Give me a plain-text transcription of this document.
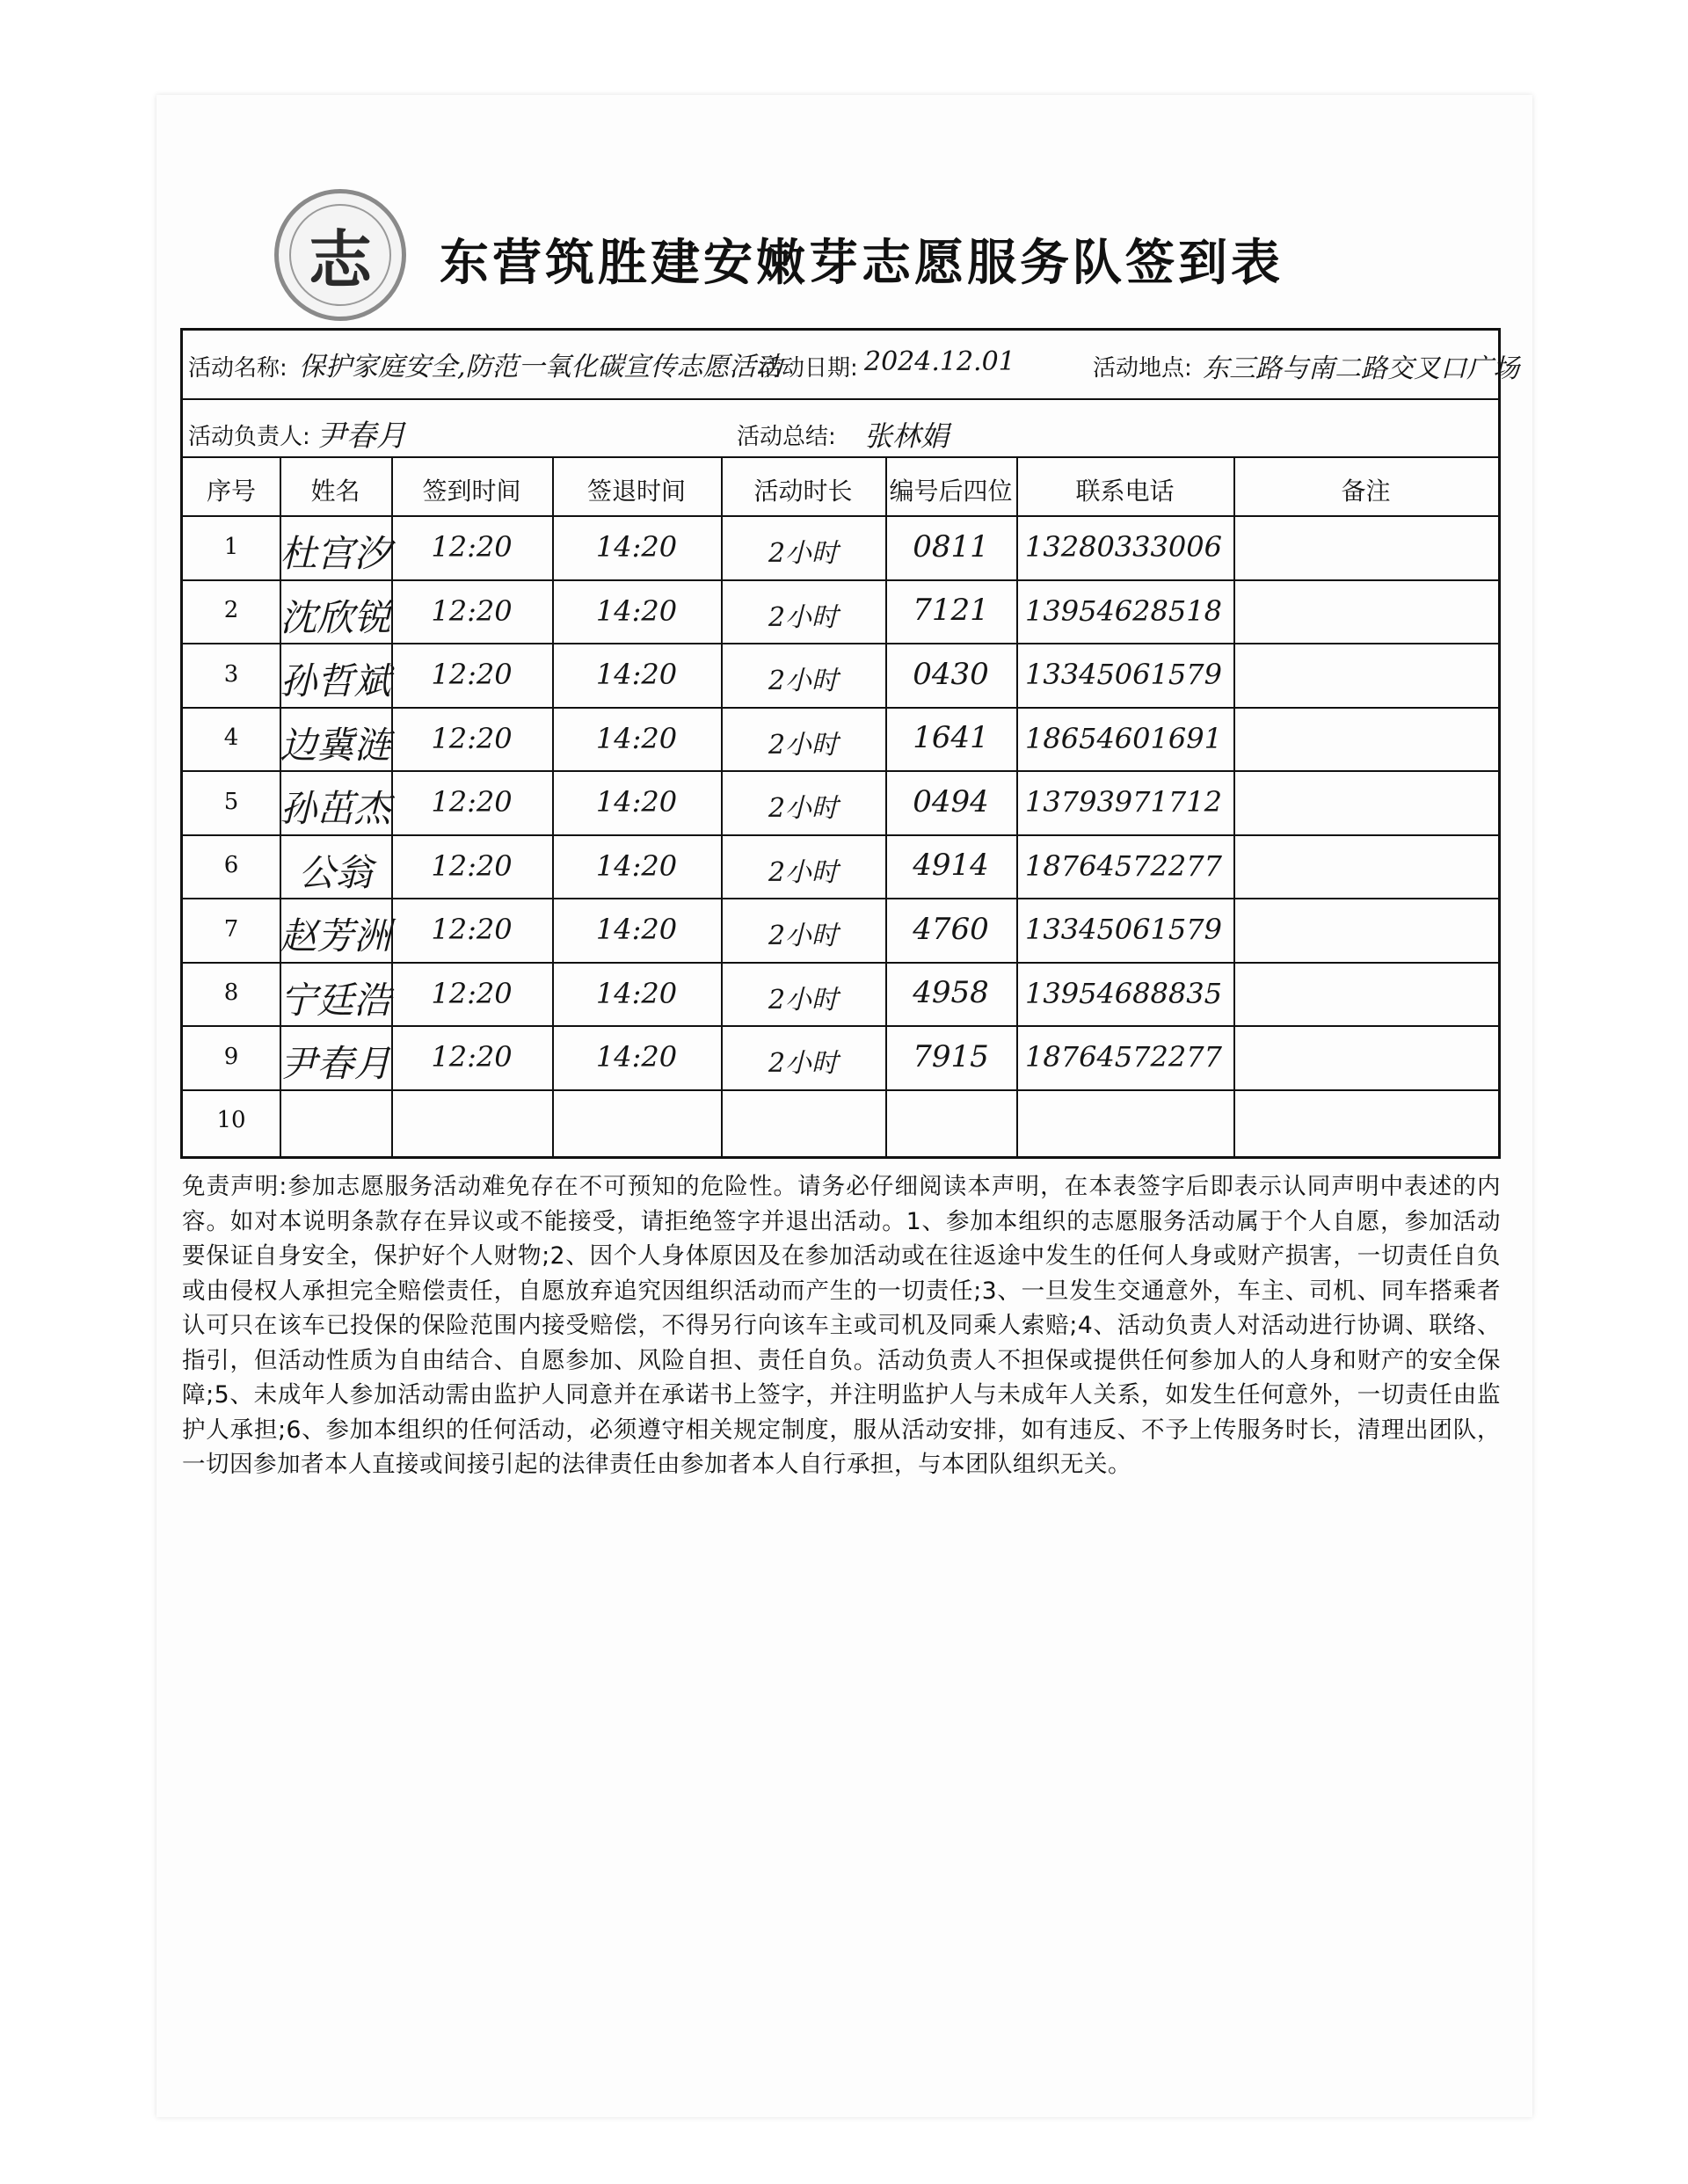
志	东营筑胜建安嫩芽志愿服务队签到表
活动名称: 保护家庭安全,防范一氧化碳宣传志愿活动
活动日期: 2024.12.01	活动地点: 东三路与南二路交叉口广场
活动负责人: 尹春月	活动总结: 张林娟
序号	姓名	签到时间	签退时间	活动时长	编号后四位	联系电话	备注
1	杜宫汐	12:20	14:20	2小时	0811	13280333006
2	沈欣锐	12:20	14:20	2小时	7121	13954628518
3	孙哲斌	12:20	14:20	2小时	0430	13345061579
4	边冀涟	12:20	14:20	2小时	1641	18654601691
5	孙茁杰	12:20	14:20	2小时	0494	13793971712
6	公翁	12:20	14:20	2小时	4914	18764572277
7	赵芳洲	12:20	14:20	2小时	4760	13345061579
8	宁廷浩	12:20	14:20	2小时	4958	13954688835
9	尹春月	12:20	14:20	2小时	7915	18764572277
10
免责声明:参加志愿服务活动难免存在不可预知的危险性。请务必仔细阅读本声明，在本表签字后即表示认同声明中表述的内容。如对本说明条款存在异议或不能接受，请拒绝签字并退出活动。1、参加本组织的志愿服务活动属于个人自愿，参加活动要保证自身安全，保护好个人财物;2、因个人身体原因及在参加活动或在往返途中发生的任何人身或财产损害，一切责任自负或由侵权人承担完全赔偿责任，自愿放弃追究因组织活动而产生的一切责任;3、一旦发生交通意外，车主、司机、同车搭乘者认可只在该车已投保的保险范围内接受赔偿，不得另行向该车主或司机及同乘人索赔;4、活动负责人对活动进行协调、联络、指引，但活动性质为自由结合、自愿参加、风险自担、责任自负。活动负责人不担保或提供任何参加人的人身和财产的安全保障;5、未成年人参加活动需由监护人同意并在承诺书上签字，并注明监护人与未成年人关系，如发生任何意外，一切责任由监护人承担;6、参加本组织的任何活动，必须遵守相关规定制度，服从活动安排，如有违反、不予上传服务时长，清理出团队，一切因参加者本人直接或间接引起的法律责任由参加者本人自行承担，与本团队组织无关。
